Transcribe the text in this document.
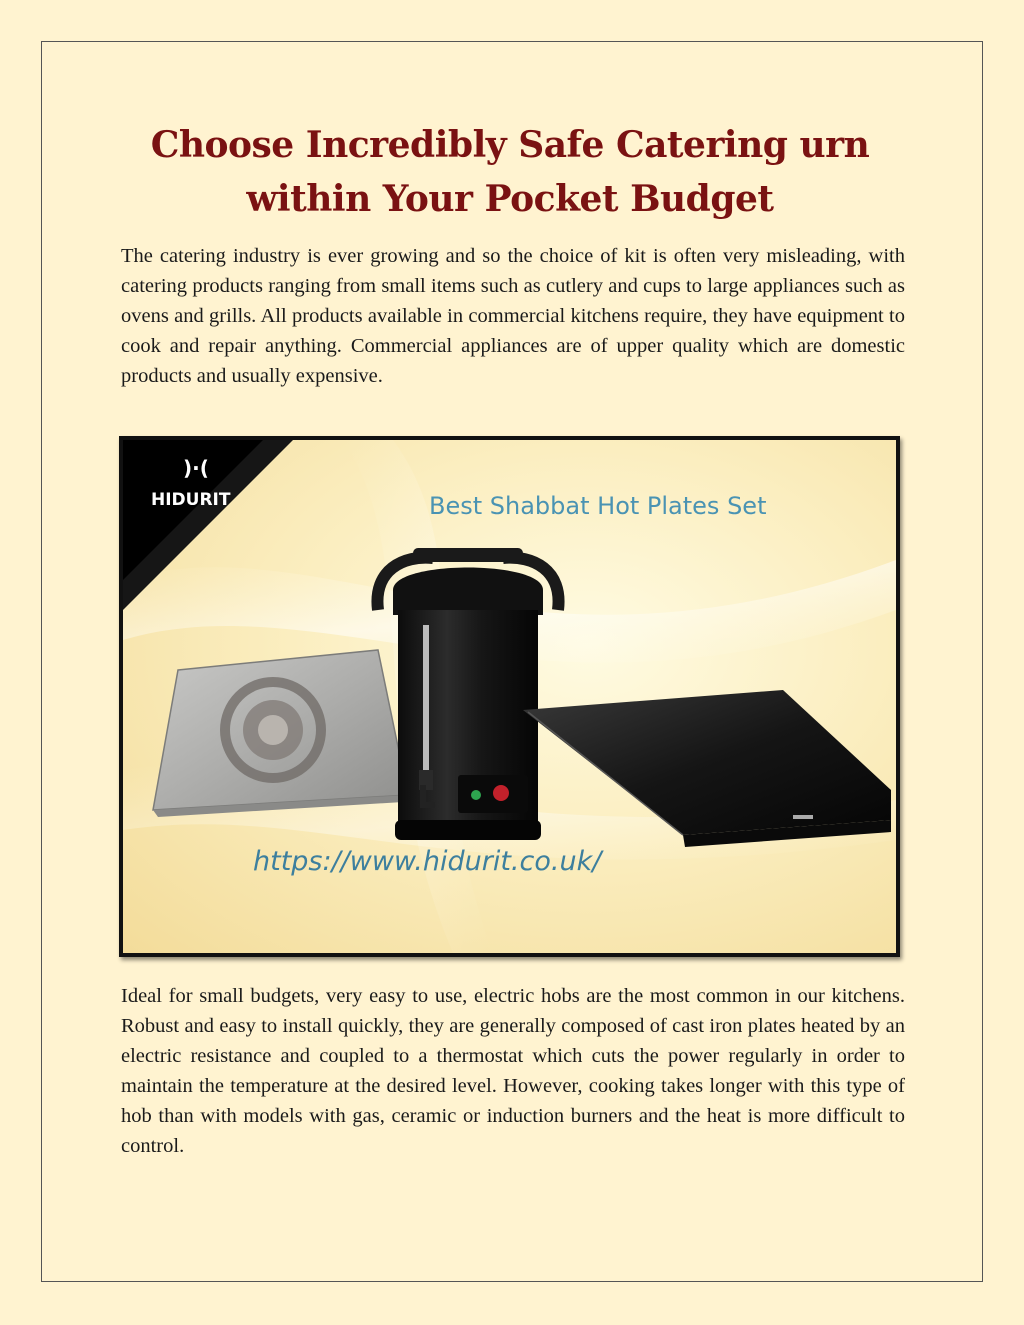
Choose Incredibly Safe Catering urn
within Your Pocket Budget

The catering industry is ever growing and so the choice of kit is often very misleading, with catering products ranging from small items such as cutlery and cups to large appliances such as ovens and grills. All products available in commercial kitchens require, they have equipment to cook and repair anything. Commercial appliances are of upper quality which are domestic products and usually expensive.

)·(
HIDURIT	Best Shabbat Hot Plates Set
https://www.hidurit.co.uk/

Ideal for small budgets, very easy to use, electric hobs are the most common in our kitchens. Robust and easy to install quickly, they are generally composed of cast iron plates heated by an electric resistance and coupled to a thermostat which cuts the power regularly in order to maintain the temperature at the desired level. However, cooking takes longer with this type of hob than with models with gas, ceramic or induction burners and the heat is more difficult to control.
